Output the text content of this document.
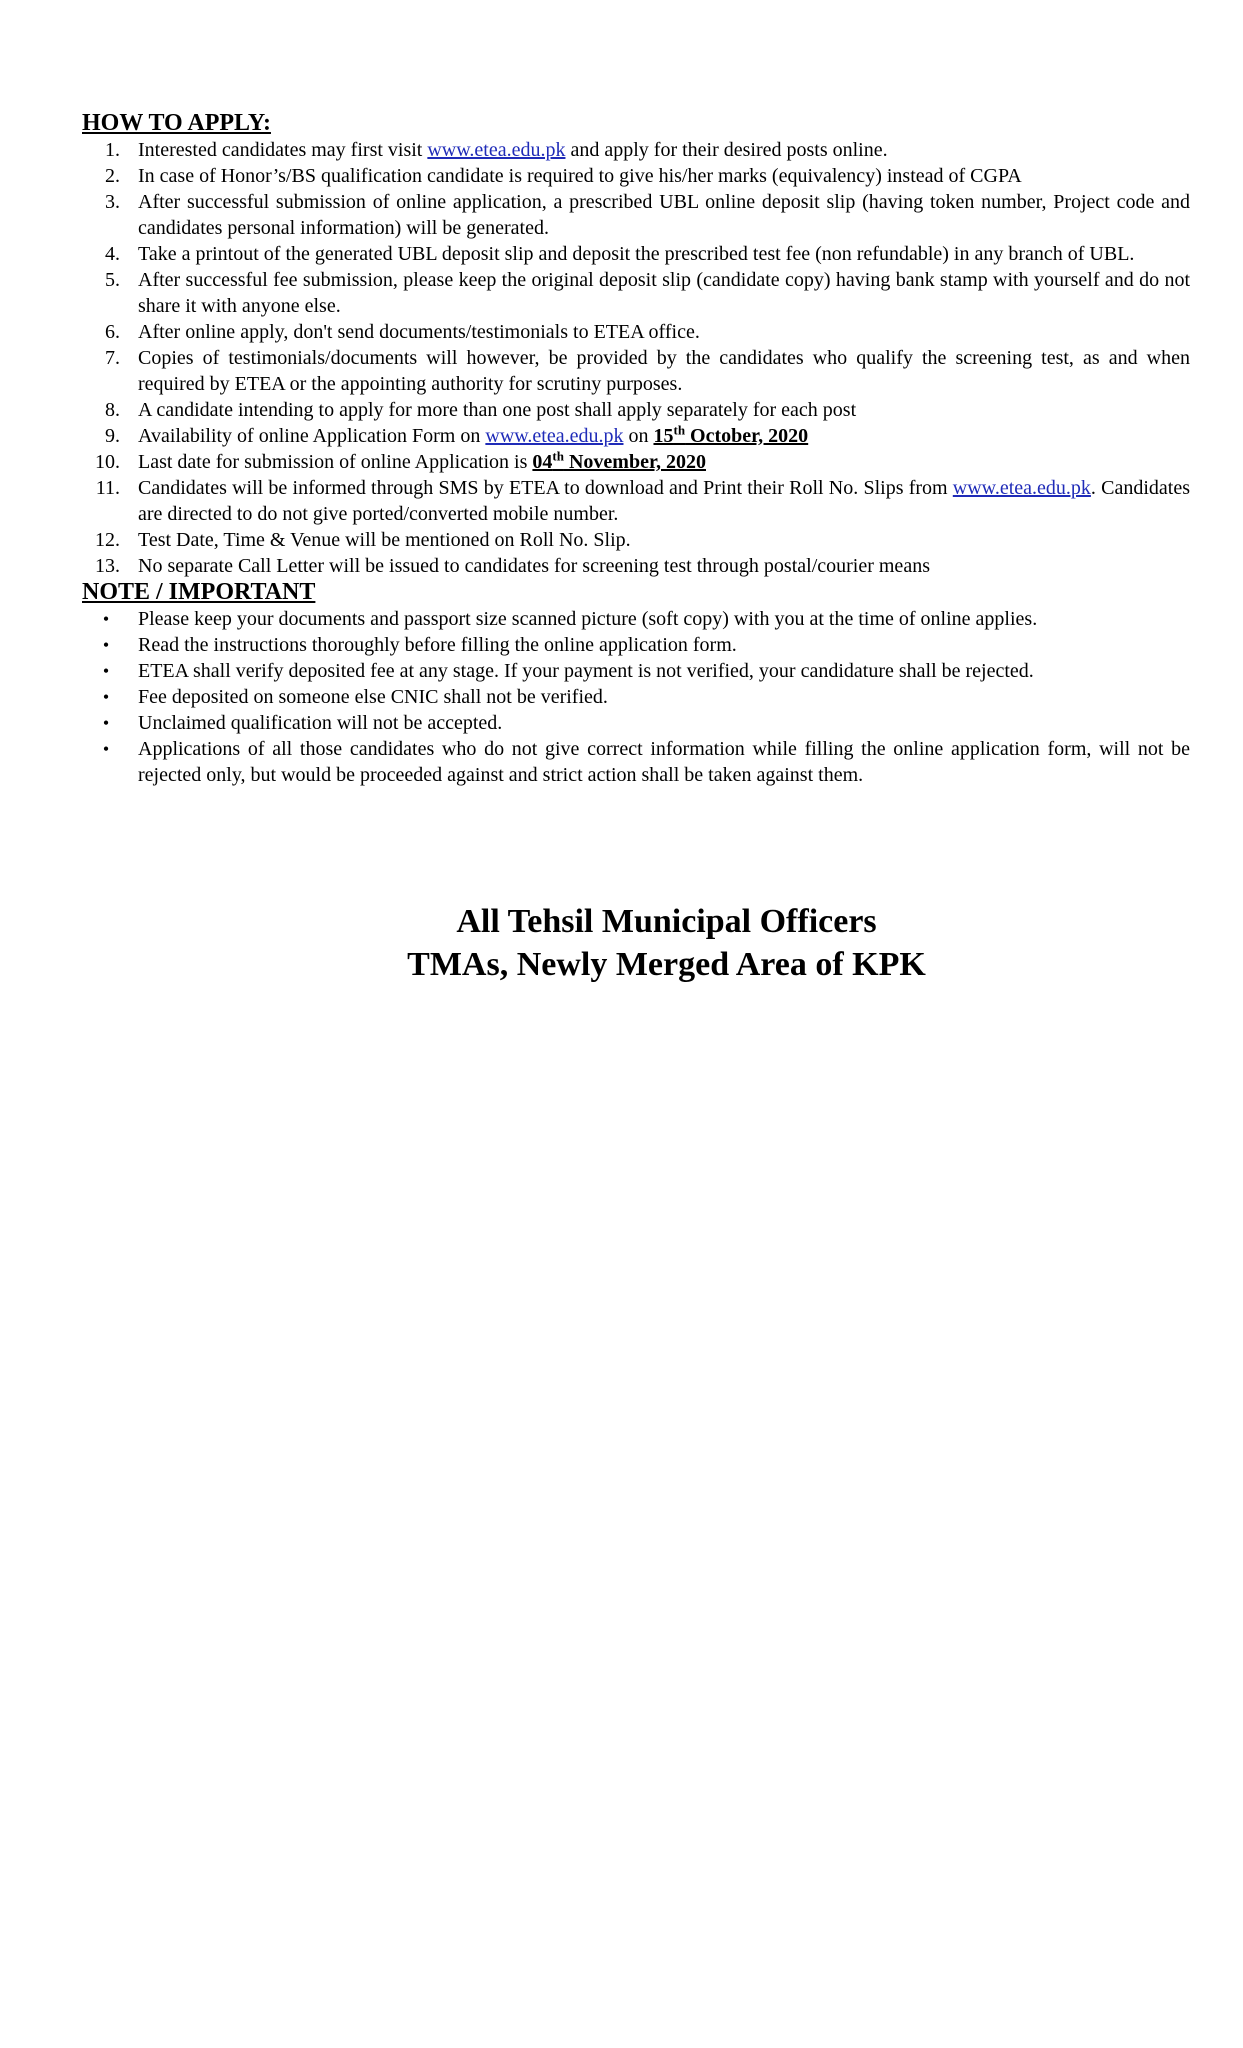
HOW TO APPLY:
1. Interested candidates may first visit www.etea.edu.pk and apply for their desired posts online.
2. In case of Honor’s/BS qualification candidate is required to give his/her marks (equivalency) instead of CGPA
3. After successful submission of online application, a prescribed UBL online deposit slip (having token number, Project code and candidates personal information) will be generated.
4. Take a printout of the generated UBL deposit slip and deposit the prescribed test fee (non refundable) in any branch of UBL.
5. After successful fee submission, please keep the original deposit slip (candidate copy) having bank stamp with yourself and do not share it with anyone else.
6. After online apply, don't send documents/testimonials to ETEA office.
7. Copies of testimonials/documents will however, be provided by the candidates who qualify the screening test, as and when required by ETEA or the appointing authority for scrutiny purposes.
8. A candidate intending to apply for more than one post shall apply separately for each post
9. Availability of online Application Form on www.etea.edu.pk on 15th October, 2020
10. Last date for submission of online Application is 04th November, 2020
11. Candidates will be informed through SMS by ETEA to download and Print their Roll No. Slips from www.etea.edu.pk. Candidates are directed to do not give ported/converted mobile number.
12. Test Date, Time & Venue will be mentioned on Roll No. Slip.
13. No separate Call Letter will be issued to candidates for screening test through postal/courier means
NOTE / IMPORTANT
•	Please keep your documents and passport size scanned picture (soft copy) with you at the time of online applies.
•	Read the instructions thoroughly before filling the online application form.
•	ETEA shall verify deposited fee at any stage. If your payment is not verified, your candidature shall be rejected.
•	Fee deposited on someone else CNIC shall not be verified.
•	Unclaimed qualification will not be accepted.
•	Applications of all those candidates who do not give correct information while filling the online application form, will not be rejected only, but would be proceeded against and strict action shall be taken against them.
All Tehsil Municipal Officers
TMAs, Newly Merged Area of KPK
